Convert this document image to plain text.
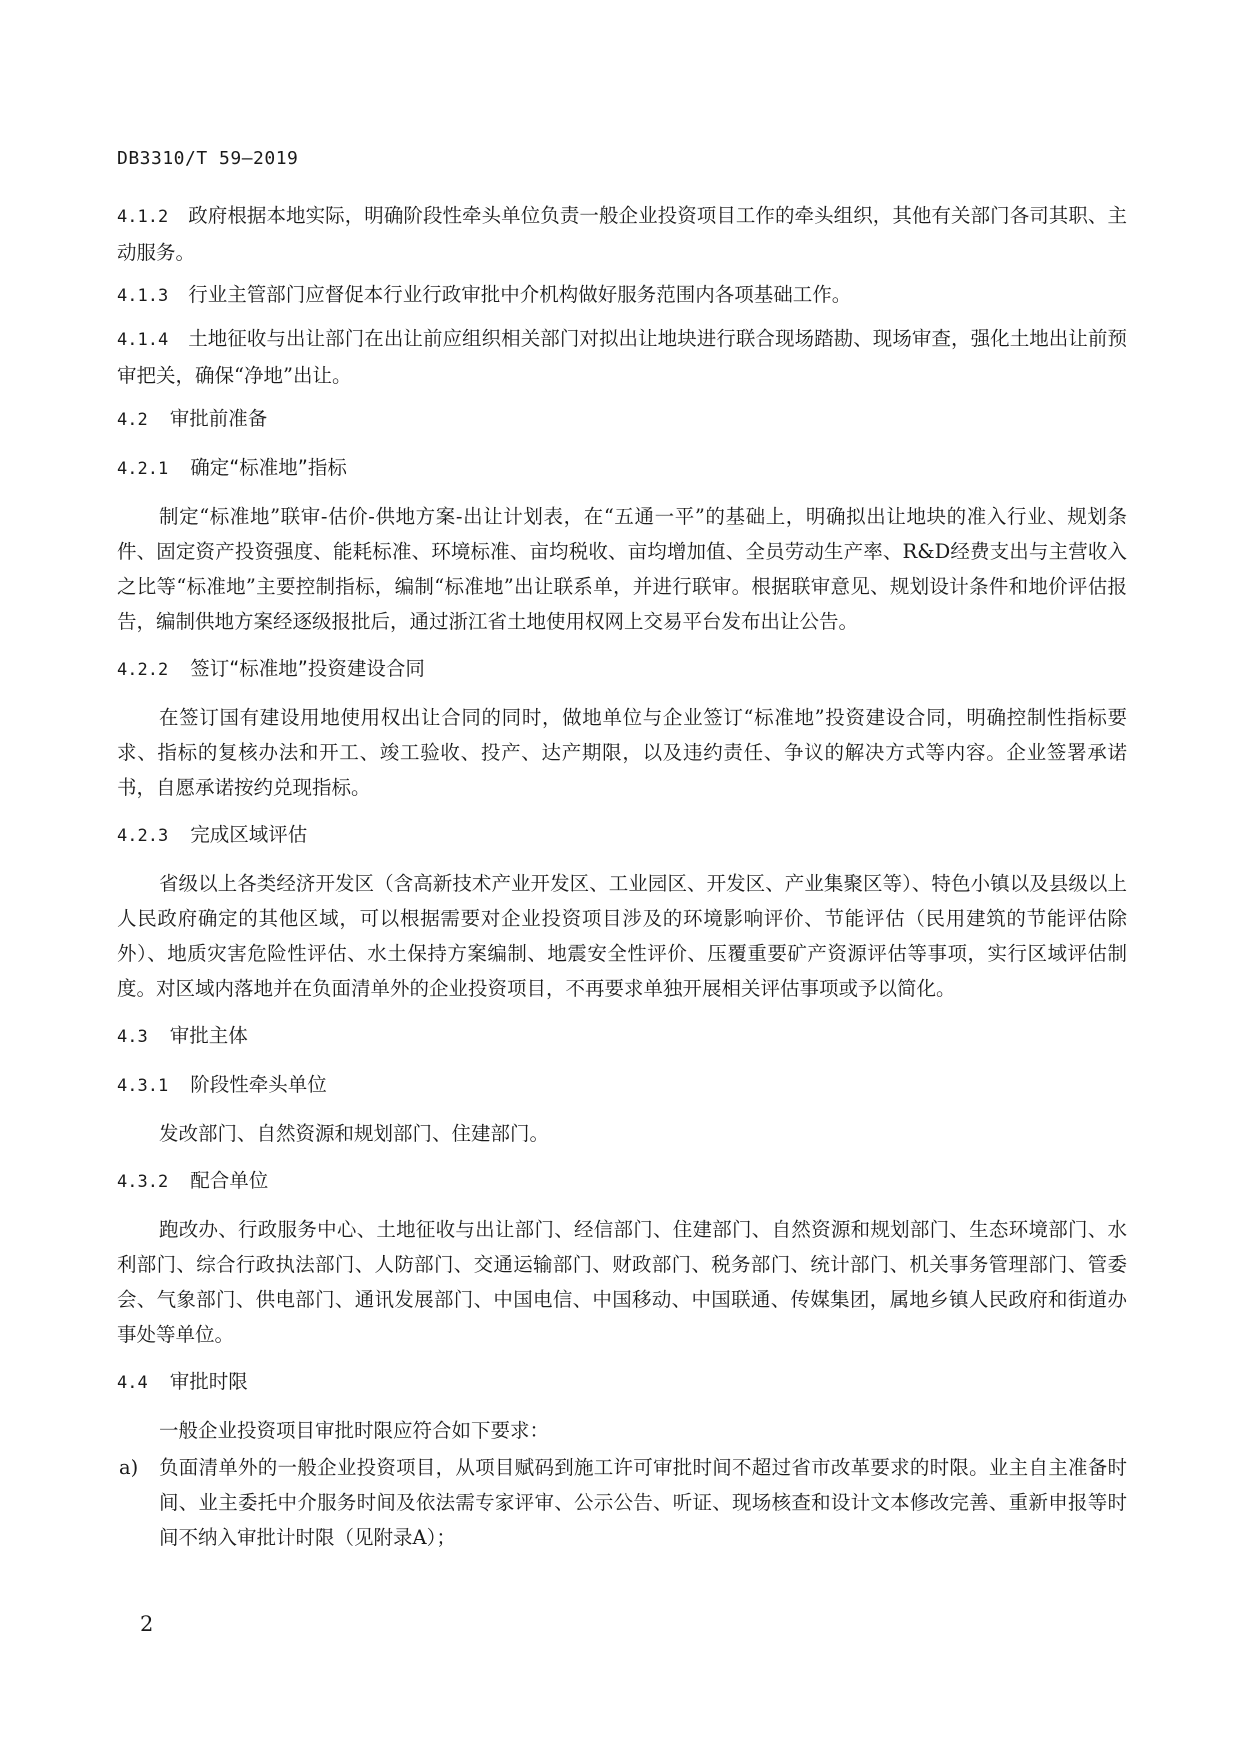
DB3310/T 59—2019

4.1.2 政府根据本地实际，明确阶段性牵头单位负责一般企业投资项目工作的牵头组织，其他有关部门各司其职、主动服务。

4.1.3 行业主管部门应督促本行业行政审批中介机构做好服务范围内各项基础工作。

4.1.4 土地征收与出让部门在出让前应组织相关部门对拟出让地块进行联合现场踏勘、现场审查，强化土地出让前预审把关，确保“净地”出让。

4.2 审批前准备
4.2.1 确定“标准地”指标

制定“标准地”联审-估价-供地方案-出让计划表，在“五通一平”的基础上，明确拟出让地块的准入行业、规划条件、固定资产投资强度、能耗标准、环境标准、亩均税收、亩均增加值、全员劳动生产率、R&D经费支出与主营收入之比等“标准地”主要控制指标，编制“标准地”出让联系单，并进行联审。根据联审意见、规划设计条件和地价评估报告，编制供地方案经逐级报批后，通过浙江省土地使用权网上交易平台发布出让公告。

4.2.2 签订“标准地”投资建设合同

在签订国有建设用地使用权出让合同的同时，做地单位与企业签订“标准地”投资建设合同，明确控制性指标要求、指标的复核办法和开工、竣工验收、投产、达产期限，以及违约责任、争议的解决方式等内容。企业签署承诺书，自愿承诺按约兑现指标。

4.2.3 完成区域评估

省级以上各类经济开发区（含高新技术产业开发区、工业园区、开发区、产业集聚区等）、特色小镇以及县级以上人民政府确定的其他区域，可以根据需要对企业投资项目涉及的环境影响评价、节能评估（民用建筑的节能评估除外）、地质灾害危险性评估、水土保持方案编制、地震安全性评价、压覆重要矿产资源评估等事项，实行区域评估制度。对区域内落地并在负面清单外的企业投资项目，不再要求单独开展相关评估事项或予以简化。

4.3 审批主体
4.3.1 阶段性牵头单位

发改部门、自然资源和规划部门、住建部门。

4.3.2 配合单位

跑改办、行政服务中心、土地征收与出让部门、经信部门、住建部门、自然资源和规划部门、生态环境部门、水利部门、综合行政执法部门、人防部门、交通运输部门、财政部门、税务部门、统计部门、机关事务管理部门、管委会、气象部门、供电部门、通讯发展部门、中国电信、中国移动、中国联通、传媒集团，属地乡镇人民政府和街道办事处等单位。

4.4 审批时限

一般企业投资项目审批时限应符合如下要求：

a) 负面清单外的一般企业投资项目，从项目赋码到施工许可审批时间不超过省市改革要求的时限。业主自主准备时间、业主委托中介服务时间及依法需专家评审、公示公告、听证、现场核查和设计文本修改完善、重新申报等时间不纳入审批计时限（见附录A）；

2
